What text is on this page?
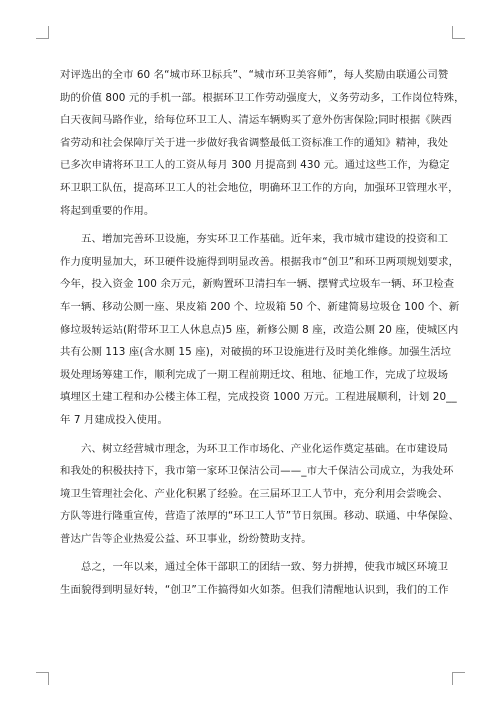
对评选出的全市 60 名“城市环卫标兵”、“城市环卫美容师”，每人奖励由联通公司赞
助的价值 800 元的手机一部。根据环卫工作劳动强度大，义务劳动多，工作岗位特殊，
白天夜间马路作业，给每位环卫工人、清运车辆购买了意外伤害保险;同时根据《陕西
省劳动和社会保障厅关于进一步做好我省调整最低工资标准工作的通知》精神，我处
已多次申请将环卫工人的工资从每月 300 月提高到 430 元。通过这些工作，为稳定
环卫职工队伍，提高环卫工人的社会地位，明确环卫工作的方向，加强环卫管理水平，
将起到重要的作用。
　　五、增加完善环卫设施，夯实环卫工作基础。近年来，我市城市建设的投资和工
作力度明显加大，环卫硬件设施得到明显改善。根据我市“创卫”和环卫两项规划要求，
今年，投入资金 100 余万元，新购置环卫清扫车一辆、摆臂式垃圾车一辆、环卫检查
车一辆、移动公厕一座、果皮箱 200 个、垃圾箱 50 个、新建简易垃圾仓 100 个、新
修垃圾转运站(附带环卫工人休息点)5 座，新修公厕 8 座，改造公厕 20 座，使城区内
共有公厕 113 座(含水厕 15 座)，对破损的环卫设施进行及时美化维修。加强生活垃
圾处理场筹建工作，顺利完成了一期工程前期迁坟、租地、征地工作，完成了垃圾场
填埋区土建工程和办公楼主体工程，完成投资 1000 万元。工程进展顺利，计划 20__
年 7 月建成投入使用。
　　六、树立经营城市理念，为环卫工作市场化、产业化运作奠定基础。在市建设局
和我处的积极扶持下，我市第一家环卫保洁公司——_市大千保洁公司成立，为我处环
境卫生管理社会化、产业化积累了经验。在三届环卫工人节中，充分利用会尝晚会、
方队等进行隆重宣传，营造了浓厚的“环卫工人节”节日氛围。移动、联通、中华保险、
普达广告等企业热爱公益、环卫事业，纷纷赞助支持。
　　总之，一年以来，通过全体干部职工的团结一致、努力拼搏，使我市城区环境卫
生面貌得到明显好转，“创卫”工作搞得如火如荼。但我们清醒地认识到，我们的工作
